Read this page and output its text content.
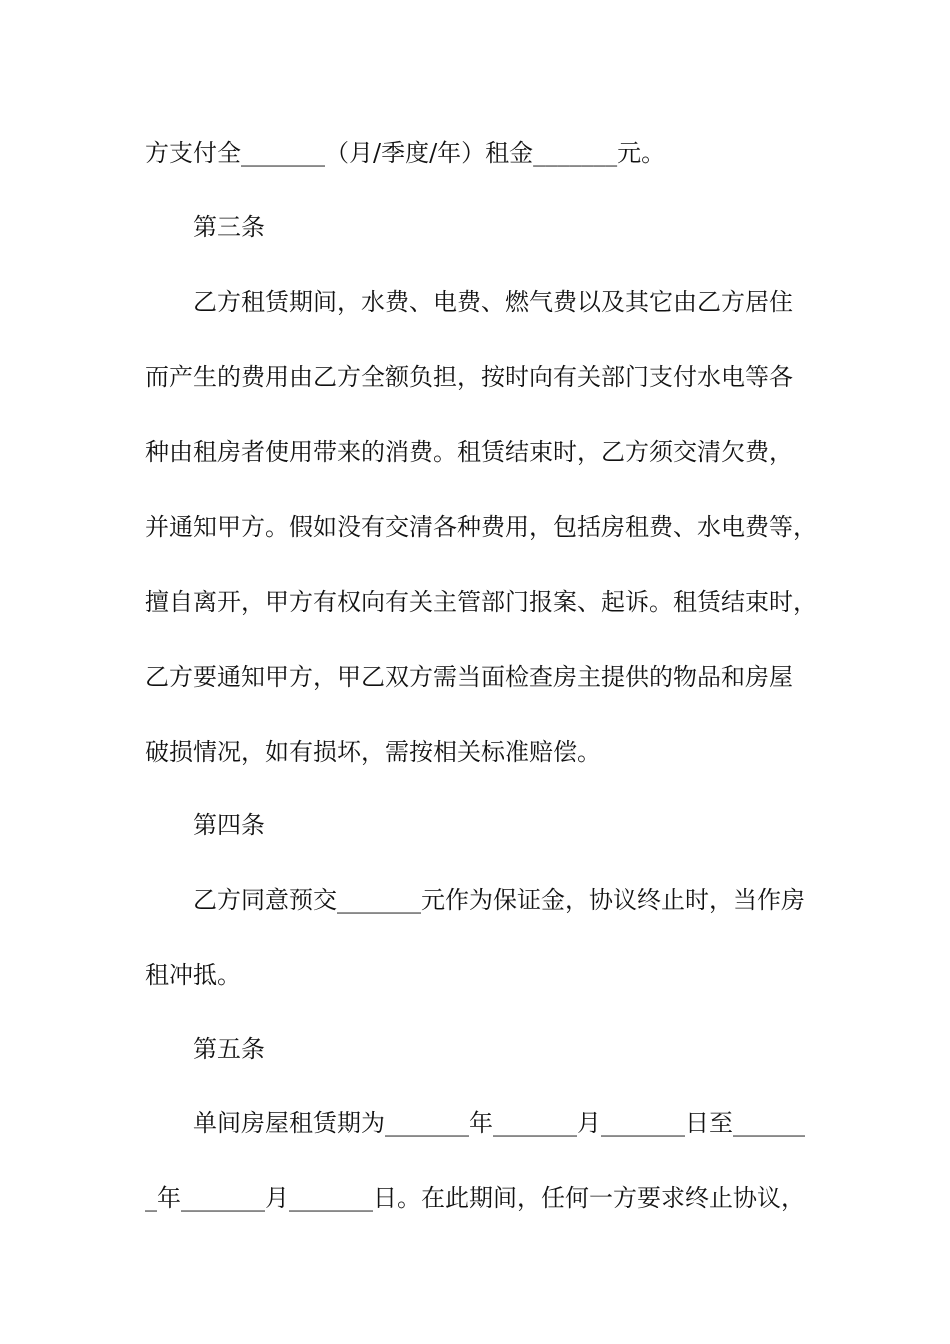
方支付全_______（月/季度/年）租金_______元。
第三条
乙方租赁期间，水费、电费、燃气费以及其它由乙方居住
而产生的费用由乙方全额负担，按时向有关部门支付水电等各
种由租房者使用带来的消费。租赁结束时，乙方须交清欠费，
并通知甲方。假如没有交清各种费用，包括房租费、水电费等，
擅自离开，甲方有权向有关主管部门报案、起诉。租赁结束时，
乙方要通知甲方，甲乙双方需当面检查房主提供的物品和房屋
破损情况，如有损坏，需按相关标准赔偿。
第四条
乙方同意预交_______元作为保证金，协议终止时，当作房
租冲抵。
第五条
单间房屋租赁期为_______年_______月_______日至______
_年_______月_______日。在此期间，任何一方要求终止协议，
